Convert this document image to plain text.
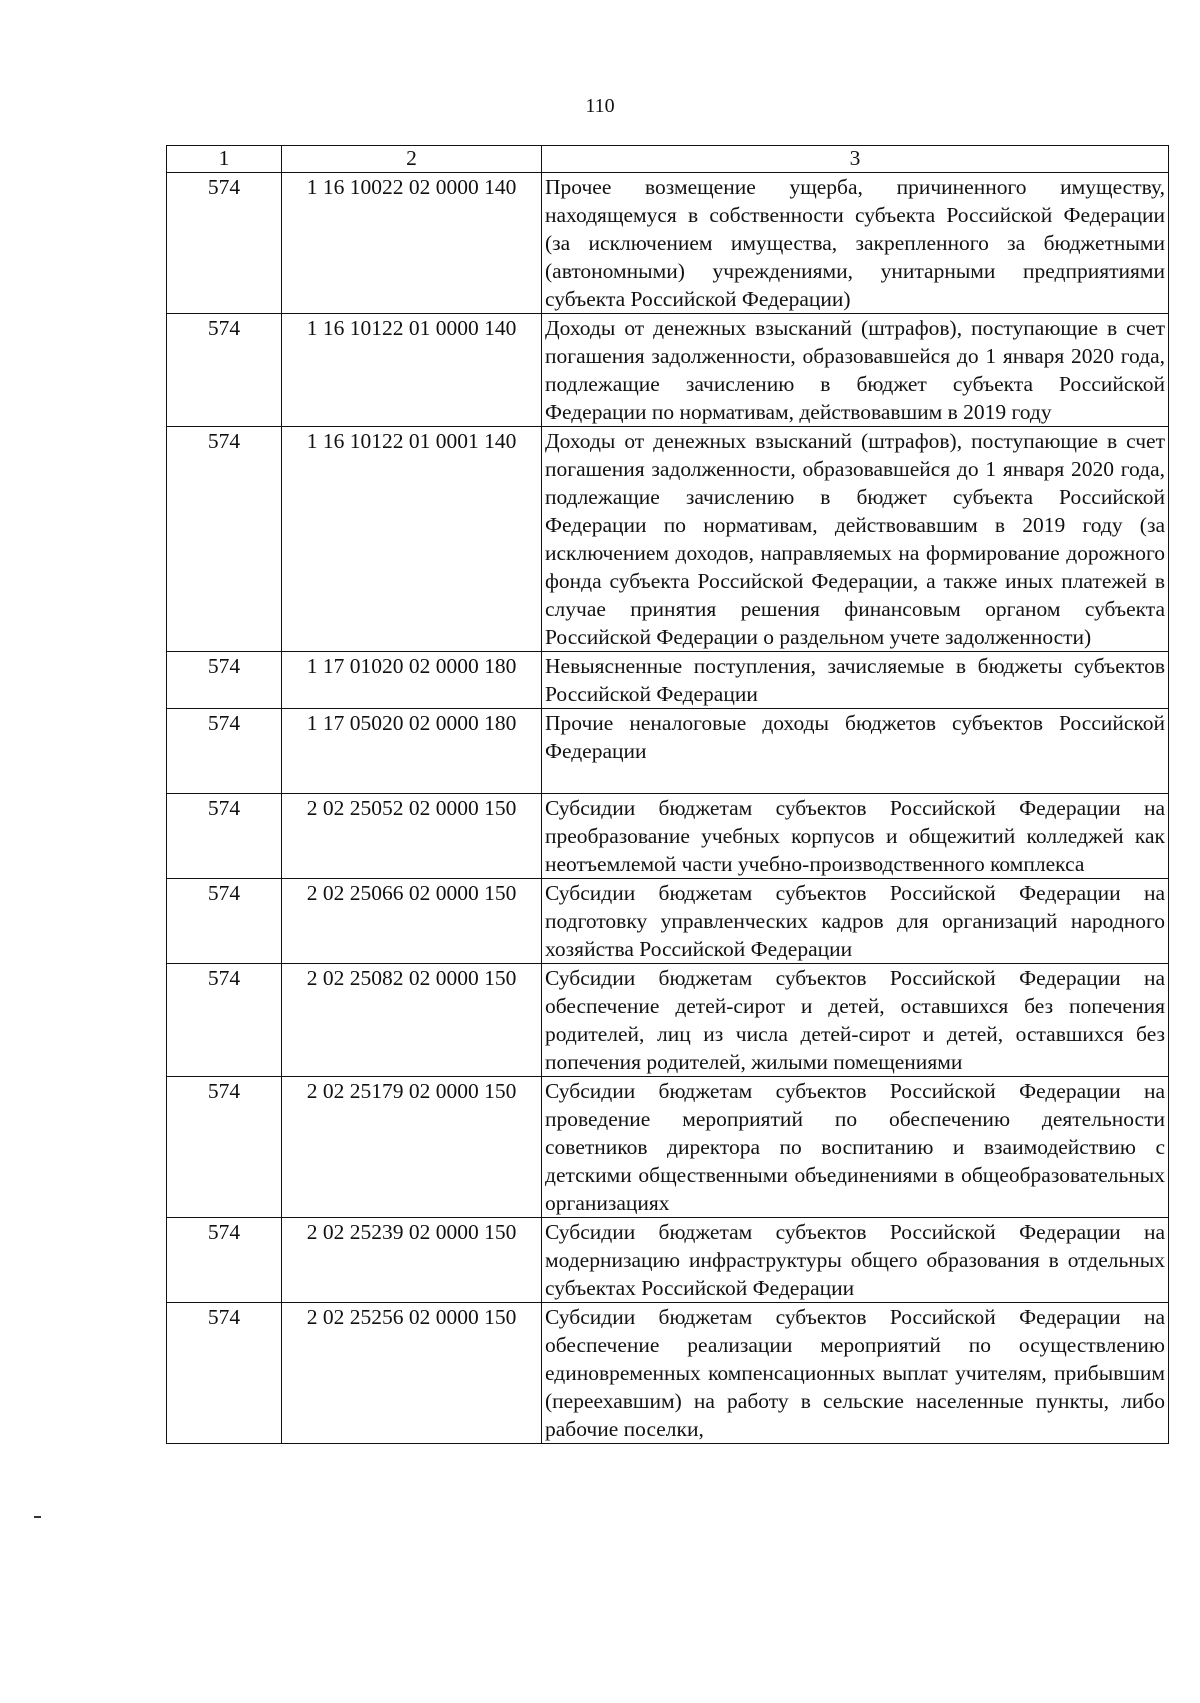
110
1	2	3
574	1 16 10022 02 0000 140	Прочее возмещение ущерба, причиненного имуществу, находящемуся в собственности субъекта Российской Федерации (за исключением имущества, закрепленного за бюджетными (автономными) учреждениями, унитарными предприятиями субъекта Российской Федерации)
574	1 16 10122 01 0000 140	Доходы от денежных взысканий (штрафов), поступающие в счет погашения задолженности, образовавшейся до 1 января 2020 года, подлежащие зачислению в бюджет субъекта Российской Федерации по нормативам, действовавшим в 2019 году
574	1 16 10122 01 0001 140	Доходы от денежных взысканий (штрафов), поступающие в счет погашения задолженности, образовавшейся до 1 января 2020 года, подлежащие зачислению в бюджет субъекта Российской Федерации по нормативам, действовавшим в 2019 году (за исключением доходов, направляемых на формирование дорожного фонда субъекта Российской Федерации, а также иных платежей в случае принятия решения финансовым органом субъекта Российской Федерации о раздельном учете задолженности)
574	1 17 01020 02 0000 180	Невыясненные поступления, зачисляемые в бюджеты субъектов Российской Федерации
574	1 17 05020 02 0000 180	Прочие неналоговые доходы бюджетов субъектов Российской Федерации

574	2 02 25052 02 0000 150	Субсидии бюджетам субъектов Российской Федерации на преобразование учебных корпусов и общежитий колледжей как неотъемлемой части учебно-производственного комплекса
574	2 02 25066 02 0000 150	Субсидии бюджетам субъектов Российской Федерации на подготовку управленческих кадров для организаций народного хозяйства Российской Федерации
574	2 02 25082 02 0000 150	Субсидии бюджетам субъектов Российской Федерации на обеспечение детей-сирот и детей, оставшихся без попечения родителей, лиц из числа детей-сирот и детей, оставшихся без попечения родителей, жилыми помещениями
574	2 02 25179 02 0000 150	Субсидии бюджетам субъектов Российской Федерации на проведение мероприятий по обеспечению деятельности советников директора по воспитанию и взаимодействию с детскими общественными объединениями в общеобразовательных организациях
574	2 02 25239 02 0000 150	Субсидии бюджетам субъектов Российской Федерации на модернизацию инфраструктуры общего образования в отдельных субъектах Российской Федерации
574	2 02 25256 02 0000 150	Субсидии бюджетам субъектов Российской Федерации на обеспечение реализации мероприятий по осуществлению единовременных компенсационных выплат учителям, прибывшим (переехавшим) на работу в сельские населенные пункты, либо рабочие поселки,
